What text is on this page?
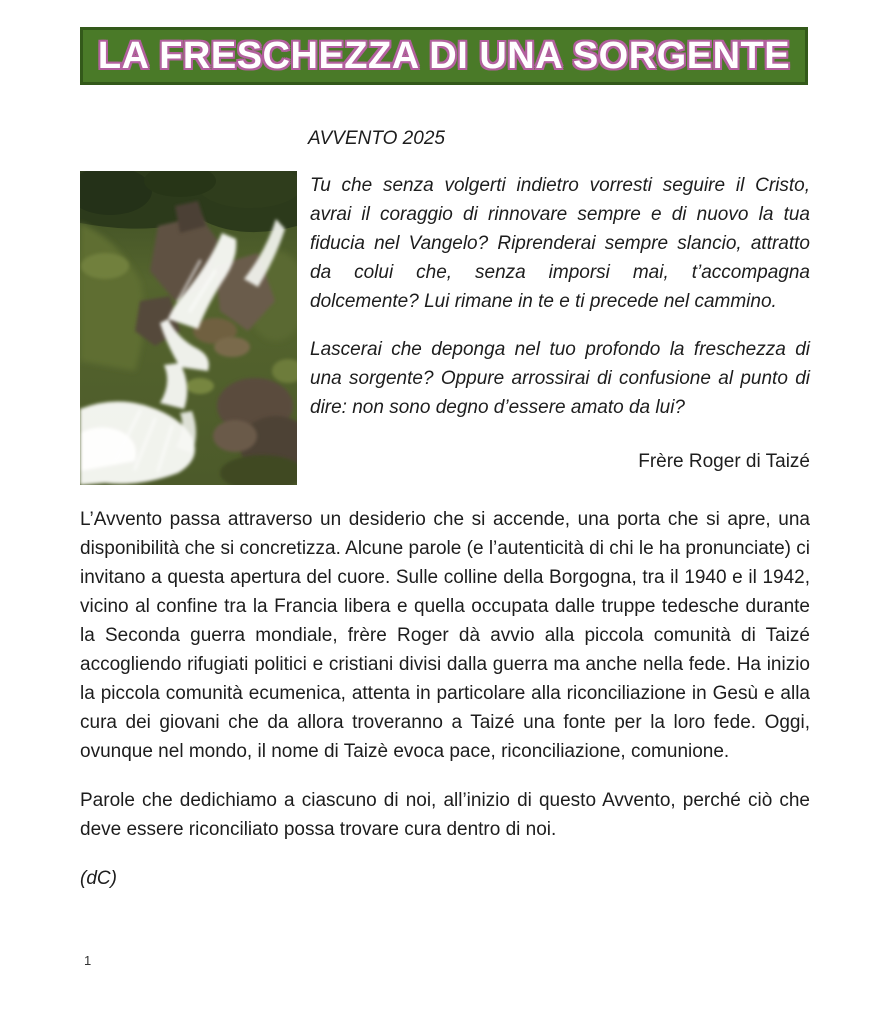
LA FRESCHEZZA DI UNA SORGENTE
AVVENTO 2025

Tu che senza volgerti indietro vorresti seguire il Cristo, avrai il coraggio di rinnovare sempre e di nuovo la tua fiducia nel Vangelo? Riprenderai sempre slancio, attratto da colui che, senza imporsi mai, t’accompagna dolcemente? Lui rimane in te e ti precede nel cammino.

Lascerai che deponga nel tuo profondo la freschezza di una sorgente? Oppure arrossirai di confusione al punto di dire: non sono degno d’essere amato da lui?

Frère Roger di Taizé

L’Avvento passa attraverso un desiderio che si accende, una porta che si apre, una disponibilità che si concretizza. Alcune parole (e l’autenticità di chi le ha pronunciate) ci invitano a questa apertura del cuore. Sulle colline della Borgogna, tra il 1940 e il 1942, vicino al confine tra la Francia libera e quella occupata dalle truppe tedesche durante la Seconda guerra mondiale, frère Roger dà avvio alla piccola comunità di Taizé accogliendo rifugiati politici e cristiani divisi dalla guerra ma anche nella fede. Ha inizio la piccola comunità ecumenica, attenta in particolare alla riconciliazione in Gesù e alla cura dei giovani che da allora troveranno a Taizé una fonte per la loro fede. Oggi, ovunque nel mondo, il nome di Taizè evoca pace, riconciliazione, comunione.

Parole che dedichiamo a ciascuno di noi, all’inizio di questo Avvento, perché ciò che deve essere riconciliato possa trovare cura dentro di noi.

(dC)

1
